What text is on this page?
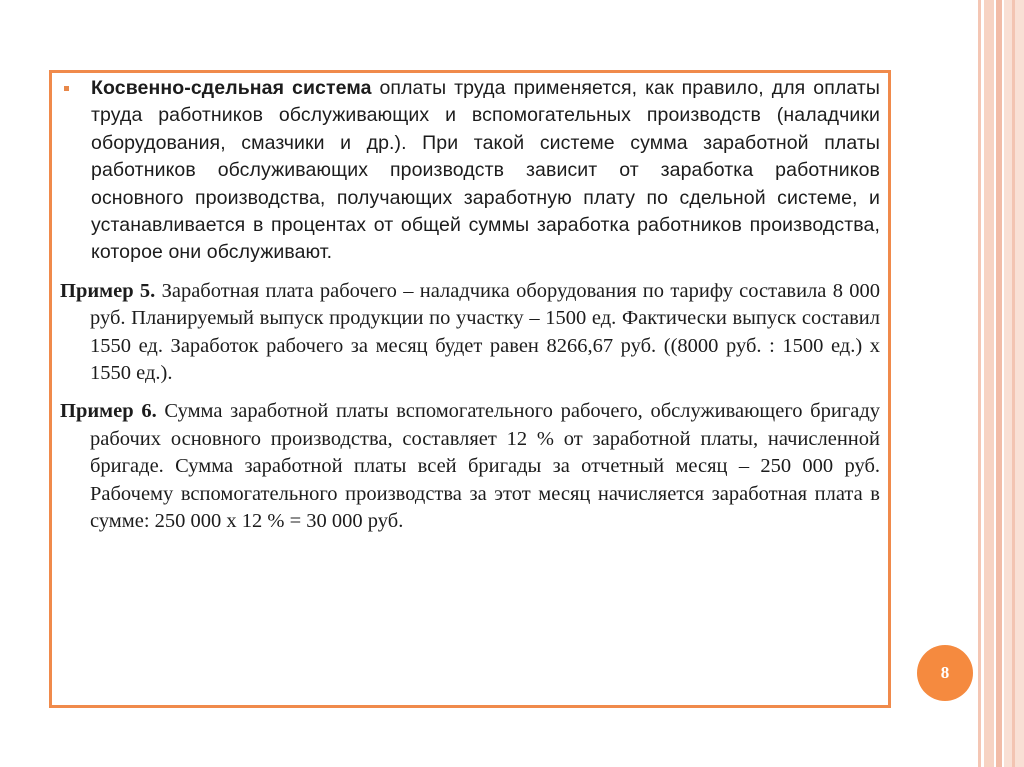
Косвенно-сдельная система оплаты труда применяется, как правило, для оплаты труда работников обслуживающих и вспомогательных производств (наладчики оборудования, смазчики и др.). При такой системе сумма заработной платы работников обслуживающих производств зависит от заработка работников основного производства, получающих заработную плату по сдельной системе, и устанавливается в процентах от общей суммы заработка работников производства, которое они обслуживают.

Пример 5. Заработная плата рабочего – наладчика оборудования по тарифу составила 8 000 руб. Планируемый выпуск продукции по участку – 1500 ед. Фактически выпуск составил 1550 ед. Заработок рабочего за месяц будет равен 8266,67 руб. ((8000 руб. : 1500 ед.) х 1550 ед.).

Пример 6. Сумма заработной платы вспомогательного рабочего, обслуживающего бригаду рабочих основного производства, составляет 12 % от заработной платы, начисленной бригаде. Сумма заработной платы всей бригады за отчетный месяц – 250 000 руб. Рабочему вспомогательного производства за этот месяц начисляется заработная плата в сумме: 250 000 х 12 % = 30 000 руб.

8
